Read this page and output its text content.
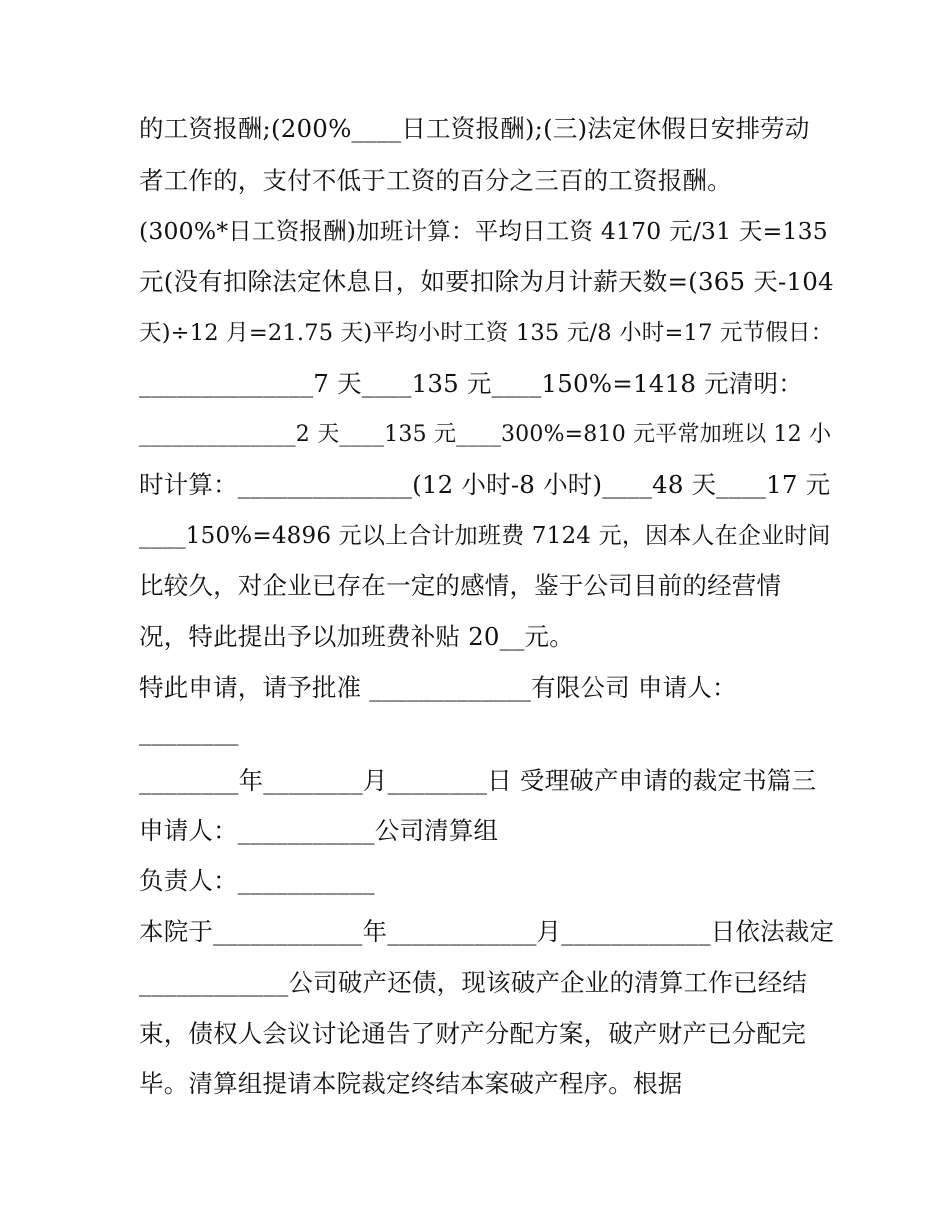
的工资报酬;(200%____日工资报酬);(三)法定休假日安排劳动
者工作的，支付不低于工资的百分之三百的工资报酬。
(300%*日工资报酬)加班计算：平均日工资 4170 元/31 天=135
元(没有扣除法定休息日，如要扣除为月计薪天数=(365 天-104
天)÷12 月=21.75 天)平均小时工资 135 元/8 小时=17 元节假日：
______________7 天____135 元____150%=1418 元清明：
______________2 天____135 元____300%=810 元平常加班以 12 小
时计算：______________(12 小时-8 小时)____48 天____17 元
____150%=4896 元以上合计加班费 7124 元，因本人在企业时间
比较久，对企业已存在一定的感情，鉴于公司目前的经营情
况，特此提出予以加班费补贴 20__元。
特此申请，请予批准 _____________有限公司 申请人：
________
________年________月________日 受理破产申请的裁定书篇三
申请人：___________公司清算组
负责人：___________
本院于____________年____________月____________日依法裁定
____________公司破产还债，现该破产企业的清算工作已经结
束，债权人会议讨论通告了财产分配方案，破产财产已分配完
毕。清算组提请本院裁定终结本案破产程序。根据
